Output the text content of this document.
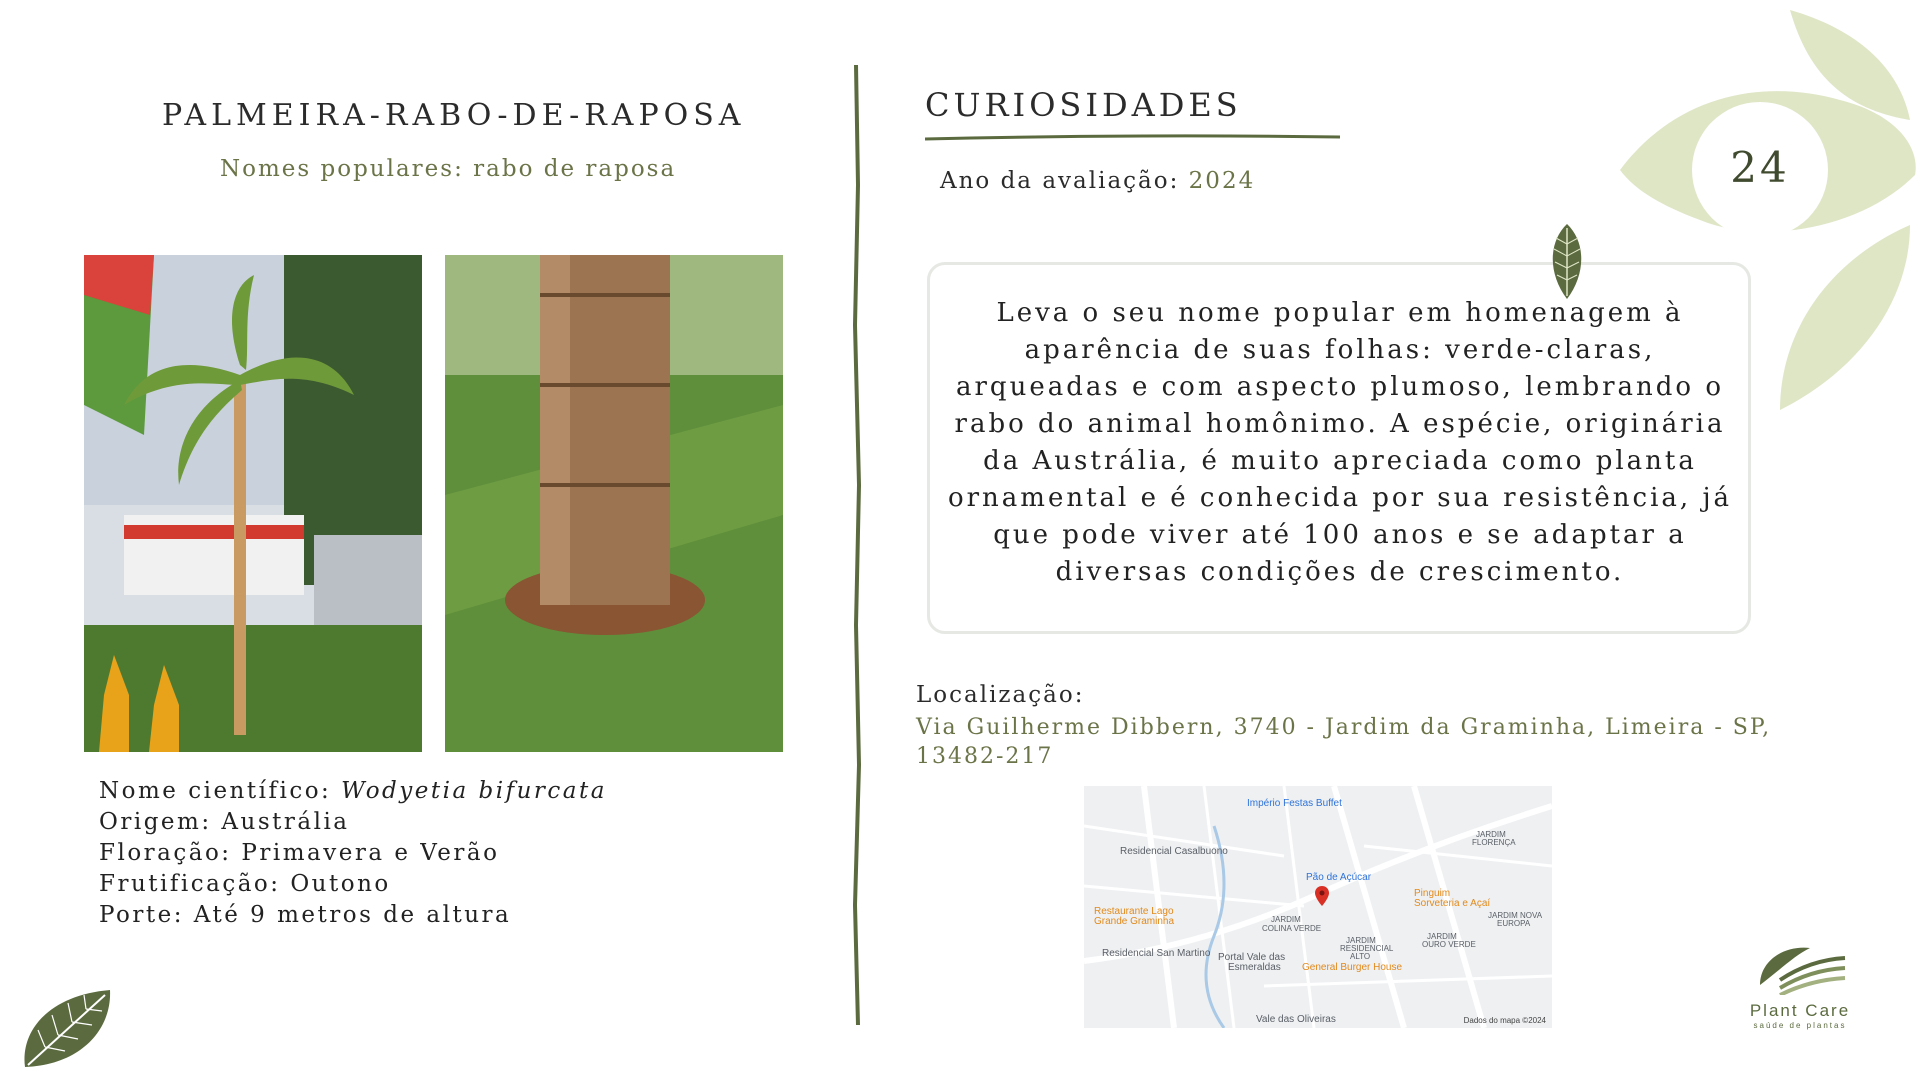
PALMEIRA-RABO-DE-RAPOSA
Nomes populares: rabo de raposa
Nome científico: Wodyetia bifurcata
Origem: Austrália
Floração: Primavera e Verão
Frutificação: Outono
Porte: Até 9 metros de altura
CURIOSIDADES
Ano da avaliação: 2024
Leva o seu nome popular em homenagem à aparência de suas folhas: verde-claras, arqueadas e com aspecto plumoso, lembrando o rabo do animal homônimo. A espécie, originária da Austrália, é muito apreciada como planta ornamental e é conhecida por sua resistência, já que pode viver até 100 anos e se adaptar a diversas condições de crescimento.
Localização:
Via Guilherme Dibbern, 3740 - Jardim da Graminha, Limeira - SP, 13482-217
Império Festas Buffet
Residencial Casalbuono
Pão de Açúcar
Pinguim
Sorveteria e Açaí
Restaurante Lago
Grande Graminha	JARDIM
COLINA VERDE
JARDIM
RESIDENCIAL
ALTO
JARDIM
OURO VERDE
JARDIM
FLORENÇA
JARDIM NOVA
EUROPA
Residencial San Martino Portal Vale das
Esmeraldas General Burger House
Vale das Oliveiras	Dados do mapa ©2024
24
Plant Care
saúde de plantas
